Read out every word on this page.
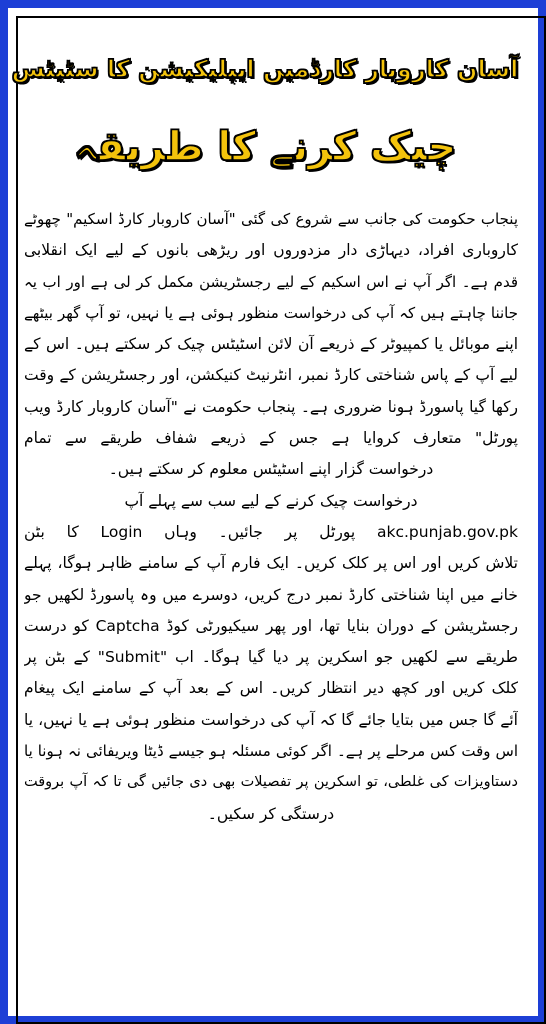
آسان کاروبار کارڈمیں ایپلیکیشن کا سٹیٹس
چیک کرنے کا طریقہ
پنجاب حکومت کی جانب سے شروع کی گئی "آسان کاروبار کارڈ اسکیم" چھوٹے
کاروباری افراد، دیہاڑی دار مزدوروں اور ریڑھی بانوں کے لیے ایک انقلابی
قدم ہے۔ اگر آپ نے اس اسکیم کے لیے رجسٹریشن مکمل کر لی ہے اور اب یہ
جاننا چاہتے ہیں کہ آپ کی درخواست منظور ہوئی ہے یا نہیں، تو آپ گھر بیٹھے
اپنے موبائل یا کمپیوٹر کے ذریعے آن لائن اسٹیٹس چیک کر سکتے ہیں۔ اس کے
لیے آپ کے پاس شناختی کارڈ نمبر، انٹرنیٹ کنیکشن، اور رجسٹریشن کے وقت
رکھا گیا پاسورڈ ہونا ضروری ہے۔ پنجاب حکومت نے "آسان کاروبار کارڈ ویب
پورٹل" متعارف کروایا ہے جس کے ذریعے شفاف طریقے سے تمام
درخواست گزار اپنے اسٹیٹس معلوم کر سکتے ہیں۔
درخواست چیک کرنے کے لیے سب سے پہلے آپ
akc.punjab.gov.pk پورٹل پر جائیں۔ وہاں Login کا بٹن
تلاش کریں اور اس پر کلک کریں۔ ایک فارم آپ کے سامنے ظاہر ہوگا، پہلے
خانے میں اپنا شناختی کارڈ نمبر درج کریں، دوسرے میں وہ پاسورڈ لکھیں جو
رجسٹریشن کے دوران بنایا تھا، اور پھر سیکیورٹی کوڈ Captcha کو درست
طریقے سے لکھیں جو اسکرین پر دیا گیا ہوگا۔ اب "Submit" کے بٹن پر
کلک کریں اور کچھ دیر انتظار کریں۔ اس کے بعد آپ کے سامنے ایک پیغام
آئے گا جس میں بتایا جائے گا کہ آپ کی درخواست منظور ہوئی ہے یا نہیں، یا
اس وقت کس مرحلے پر ہے۔ اگر کوئی مسئلہ ہو جیسے ڈیٹا ویریفائی نہ ہونا یا
دستاویزات کی غلطی، تو اسکرین پر تفصیلات بھی دی جائیں گی تا کہ آپ بروقت
درستگی کر سکیں۔
